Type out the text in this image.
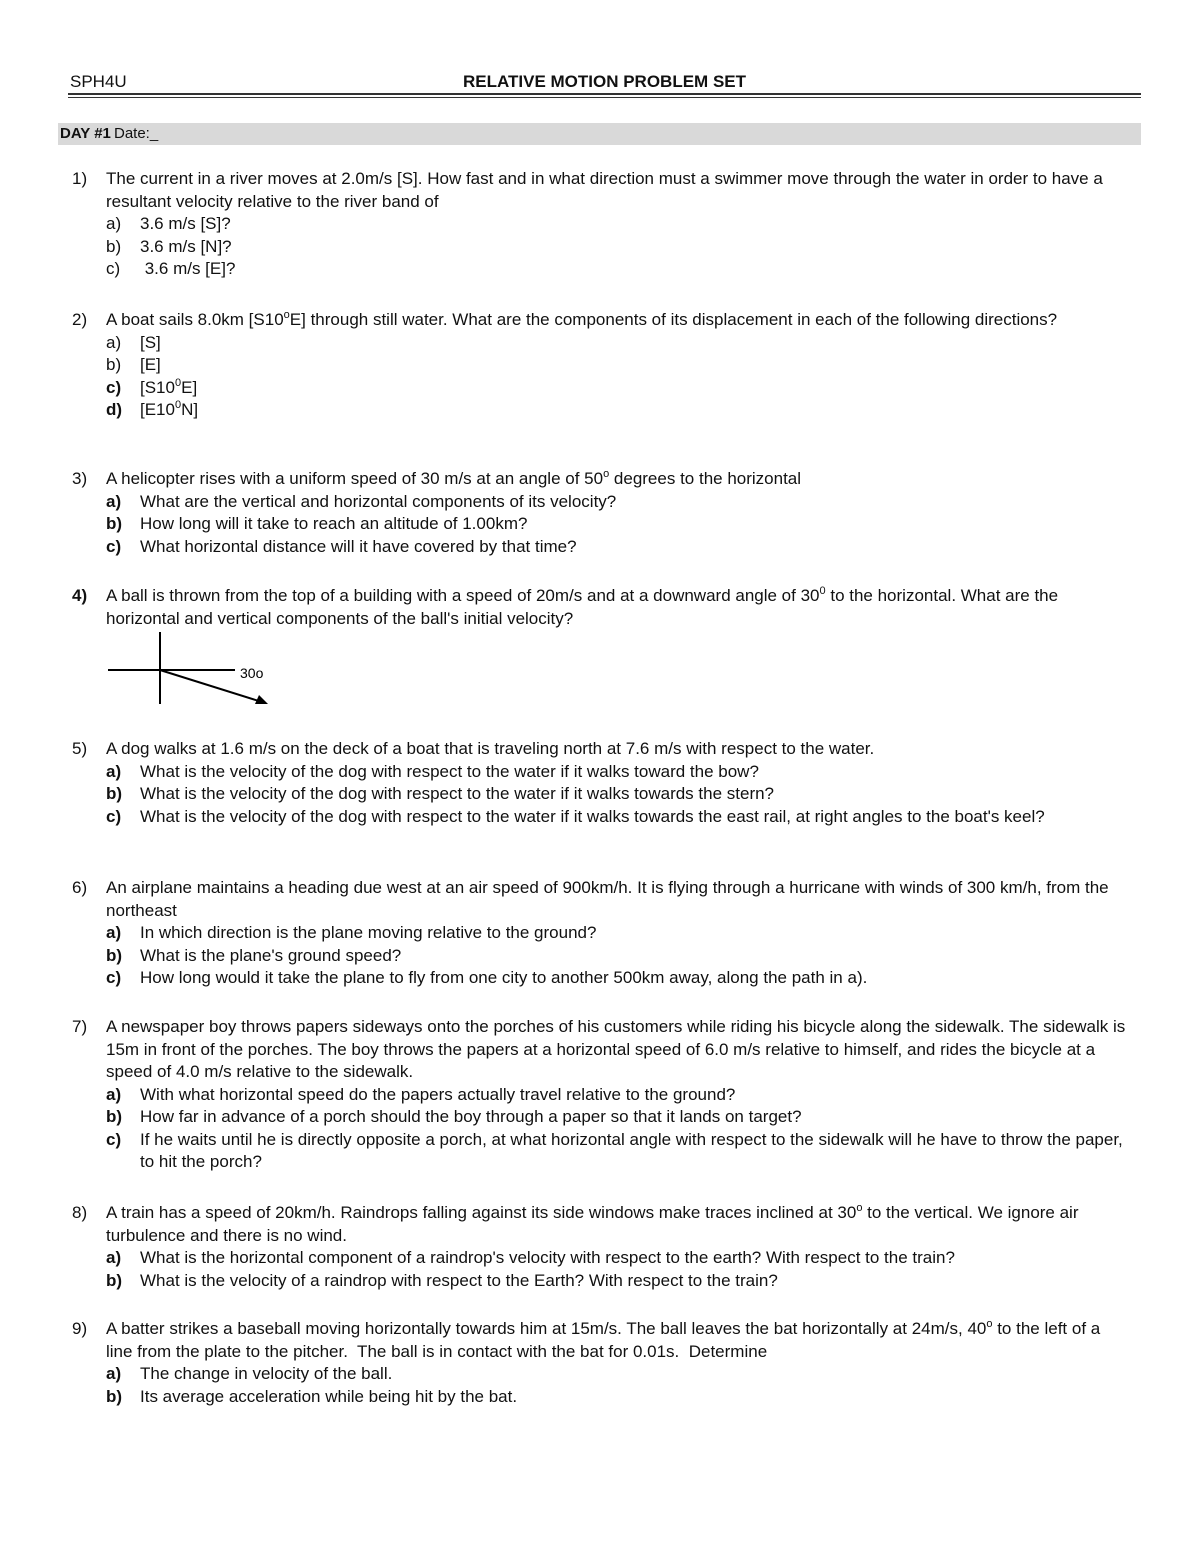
SPH4U	RELATIVE MOTION PROBLEM SET
DAY #1 Date:_
1) The current in a river moves at 2.0m/s [S]. How fast and in what direction must a swimmer move through the water in order to have a resultant velocity relative to the river band of
a) 3.6 m/s [S]?
b) 3.6 m/s [N]?
c) 3.6 m/s [E]?
2) A boat sails 8.0km [S10$^o$E] through still water. What are the components of its displacement in each of the following directions?
a) [S]
b) [E]
c) $[S10^0E]$
d) $[E10^0N]$
3) A helicopter rises with a uniform speed of 30 m/s at an angle of 50$^o$ degrees to the horizontal
a) What are the vertical and horizontal components of its velocity?
b) How long will it take to reach an altitude of 1.00km?
c) What horizontal distance will it have covered by that time?
4) A ball is thrown from the top of a building with a speed of 20m/s and at a downward angle of $30^0$ to the horizontal. What are the horizontal and vertical components of the ball's initial velocity?
30o
5) A dog walks at 1.6 m/s on the deck of a boat that is traveling north at 7.6 m/s with respect to the water.
a) What is the velocity of the dog with respect to the water if it walks toward the bow?
b) What is the velocity of the dog with respect to the water if it walks towards the stern?
c) What is the velocity of the dog with respect to the water if it walks towards the east rail, at right angles to the boat's keel?
6) An airplane maintains a heading due west at an air speed of 900km/h. It is flying through a hurricane with winds of 300 km/h, from the northeast
a) In which direction is the plane moving relative to the ground?
b) What is the plane's ground speed?
c) How long would it take the plane to fly from one city to another 500km away, along the path in a).
7) A newspaper boy throws papers sideways onto the porches of his customers while riding his bicycle along the sidewalk. The sidewalk is 15m in front of the porches. The boy throws the papers at a horizontal speed of 6.0 m/s relative to himself, and rides the bicycle at a speed of 4.0 m/s relative to the sidewalk.
a) With what horizontal speed do the papers actually travel relative to the ground?
b) How far in advance of a porch should the boy through a paper so that it lands on target?
c) If he waits until he is directly opposite a porch, at what horizontal angle with respect to the sidewalk will he have to throw the paper, to hit the porch?
8) A train has a speed of 20km/h. Raindrops falling against its side windows make traces inclined at 30$^o$ to the vertical. We ignore air turbulence and there is no wind.
a) What is the horizontal component of a raindrop's velocity with respect to the earth? With respect to the train?
b) What is the velocity of a raindrop with respect to the Earth? With respect to the train?
9) A batter strikes a baseball moving horizontally towards him at 15m/s. The ball leaves the bat horizontally at 24m/s, 40$^o$ to the left of a line from the plate to the pitcher.  The ball is in contact with the bat for 0.01s.  Determine
a) The change in velocity of the ball.
b) Its average acceleration while being hit by the bat.
